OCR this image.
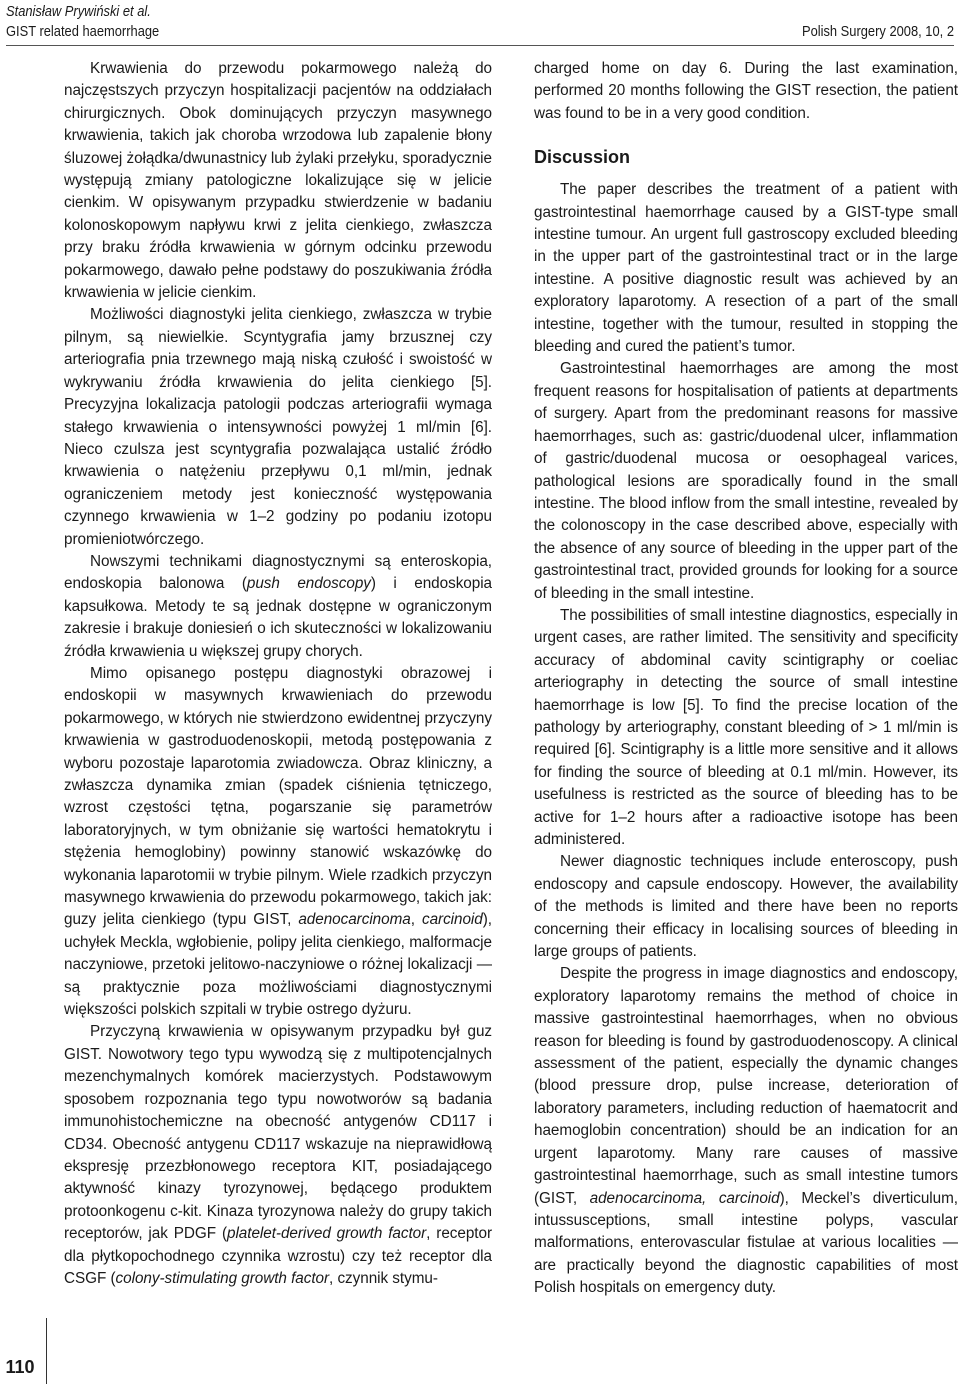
Stanisław Prywiński et al.
GIST related haemorrhage	Polish Surgery 2008, 10, 2

Krwawienia do przewodu pokarmowego należą do najczęstszych przyczyn hospitalizacji pacjentów na oddziałach chirurgicznych. Obok dominujących przyczyn masywnego krwawienia, takich jak choroba wrzodowa lub zapalenie błony śluzowej żołądka/dwunastnicy lub żylaki przełyku, sporadycznie występują zmiany patologiczne lokalizujące się w jelicie cienkim. W opisywanym przypadku stwierdzenie w badaniu kolonoskopowym napływu krwi z jelita cienkiego, zwłaszcza przy braku źródła krwawienia w górnym odcinku przewodu pokarmowego, dawało pełne podstawy do poszukiwania źródła krwawienia w jelicie cienkim.

Możliwości diagnostyki jelita cienkiego, zwłaszcza w trybie pilnym, są niewielkie. Scyntygrafia jamy brzusznej czy arteriografia pnia trzewnego mają niską czułość i swoistość w wykrywaniu źródła krwawienia do jelita cienkiego [5]. Precyzyjna lokalizacja patologii podczas arteriografii wymaga stałego krwawienia o intensywności powyżej 1 ml/min [6]. Nieco czulsza jest scyntygrafia pozwalająca ustalić źródło krwawienia o natężeniu przepływu 0,1 ml/min, jednak ograniczeniem metody jest konieczność występowania czynnego krwawienia w 1–2 godziny po podaniu izotopu promieniotwórczego.

Nowszymi technikami diagnostycznymi są enteroskopia, endoskopia balonowa (push endoscopy) i endoskopia kapsułkowa. Metody te są jednak dostępne w ograniczonym zakresie i brakuje doniesień o ich skuteczności w lokalizowaniu źródła krwawienia u większej grupy chorych.

Mimo opisanego postępu diagnostyki obrazowej i endoskopii w masywnych krwawieniach do przewodu pokarmowego, w których nie stwierdzono ewidentnej przyczyny krwawienia w gastroduodenoskopii, metodą postępowania z wyboru pozostaje laparotomia zwiadowcza. Obraz kliniczny, a zwłaszcza dynamika zmian (spadek ciśnienia tętniczego, wzrost częstości tętna, pogarszanie się parametrów laboratoryjnych, w tym obniżanie się wartości hematokrytu i stężenia hemoglobiny) powinny stanowić wskazówkę do wykonania laparotomii w trybie pilnym. Wiele rzadkich przyczyn masywnego krwawienia do przewodu pokarmowego, takich jak: guzy jelita cienkiego (typu GIST, adenocarcinoma, carcinoid), uchyłek Meckla, wgłobienie, polipy jelita cienkiego, malformacje naczyniowe, przetoki jelitowo-naczyniowe o różnej lokalizacji — są praktycznie poza możliwościami diagnostycznymi większości polskich szpitali w trybie ostrego dyżuru.

Przyczyną krwawienia w opisywanym przypadku był guz GIST. Nowotwory tego typu wywodzą się z multipotencjalnych mezenchymalnych komórek macierzystych. Podstawowym sposobem rozpoznania tego typu nowotworów są badania immunohistochemiczne na obecność antygenów CD117 i CD34. Obecność antygenu CD117 wskazuje na nieprawidłową ekspresję przezbłonowego receptora KIT, posiadającego aktywność kinazy tyrozynowej, będącego produktem protoonkogenu c-kit. Kinaza tyrozynowa należy do grupy takich receptorów, jak PDGF (platelet-derived growth factor, receptor dla płytkopochodnego czynnika wzrostu) czy też receptor dla CSGF (colony-stimulating growth factor, czynnik stymu-

charged home on day 6. During the last examination, performed 20 months following the GIST resection, the patient was found to be in a very good condition.

Discussion

The paper describes the treatment of a patient with gastrointestinal haemorrhage caused by a GIST-type small intestine tumour. An urgent full gastroscopy excluded bleeding in the upper part of the gastrointestinal tract or in the large intestine. A positive diagnostic result was achieved by an exploratory laparotomy. A resection of a part of the small intestine, together with the tumour, resulted in stopping the bleeding and cured the patient’s tumor.

Gastrointestinal haemorrhages are among the most frequent reasons for hospitalisation of patients at departments of surgery. Apart from the predominant reasons for massive haemorrhages, such as: gastric/duodenal ulcer, inflammation of gastric/duodenal mucosa or oesophageal varices, pathological lesions are sporadically found in the small intestine. The blood inflow from the small intestine, revealed by the colonoscopy in the case described above, especially with the absence of any source of bleeding in the upper part of the gastrointestinal tract, provided grounds for looking for a source of bleeding in the small intestine.

The possibilities of small intestine diagnostics, especially in urgent cases, are rather limited. The sensitivity and specificity accuracy of abdominal cavity scintigraphy or coeliac arteriography in detecting the source of small intestine haemorrhage is low [5]. To find the precise location of the pathology by arteriography, constant bleeding of > 1 ml/min is required [6]. Scintigraphy is a little more sensitive and it allows for finding the source of bleeding at 0.1 ml/min. However, its usefulness is restricted as the source of bleeding has to be active for 1–2 hours after a radioactive isotope has been administered.

Newer diagnostic techniques include enteroscopy, push endoscopy and capsule endoscopy. However, the availability of the methods is limited and there have been no reports concerning their efficacy in localising sources of bleeding in large groups of patients.

Despite the progress in image diagnostics and endoscopy, exploratory laparotomy remains the method of choice in massive gastrointestinal haemorrhages, when no obvious reason for bleeding is found by gastroduodenoscopy. A clinical assessment of the patient, especially the dynamic changes (blood pressure drop, pulse increase, deterioration of laboratory parameters, including reduction of haematocrit and haemoglobin concentration) should be an indication for an urgent laparotomy. Many rare causes of massive gastrointestinal haemorrhage, such as small intestine tumors (GIST, adenocarcinoma, carcinoid), Meckel’s diverticulum, intussusceptions, small intestine polyps, vascular malformations, enterovascular fistulae at various localities — are practically beyond the diagnostic capabilities of most Polish hospitals on emergency duty.

110
